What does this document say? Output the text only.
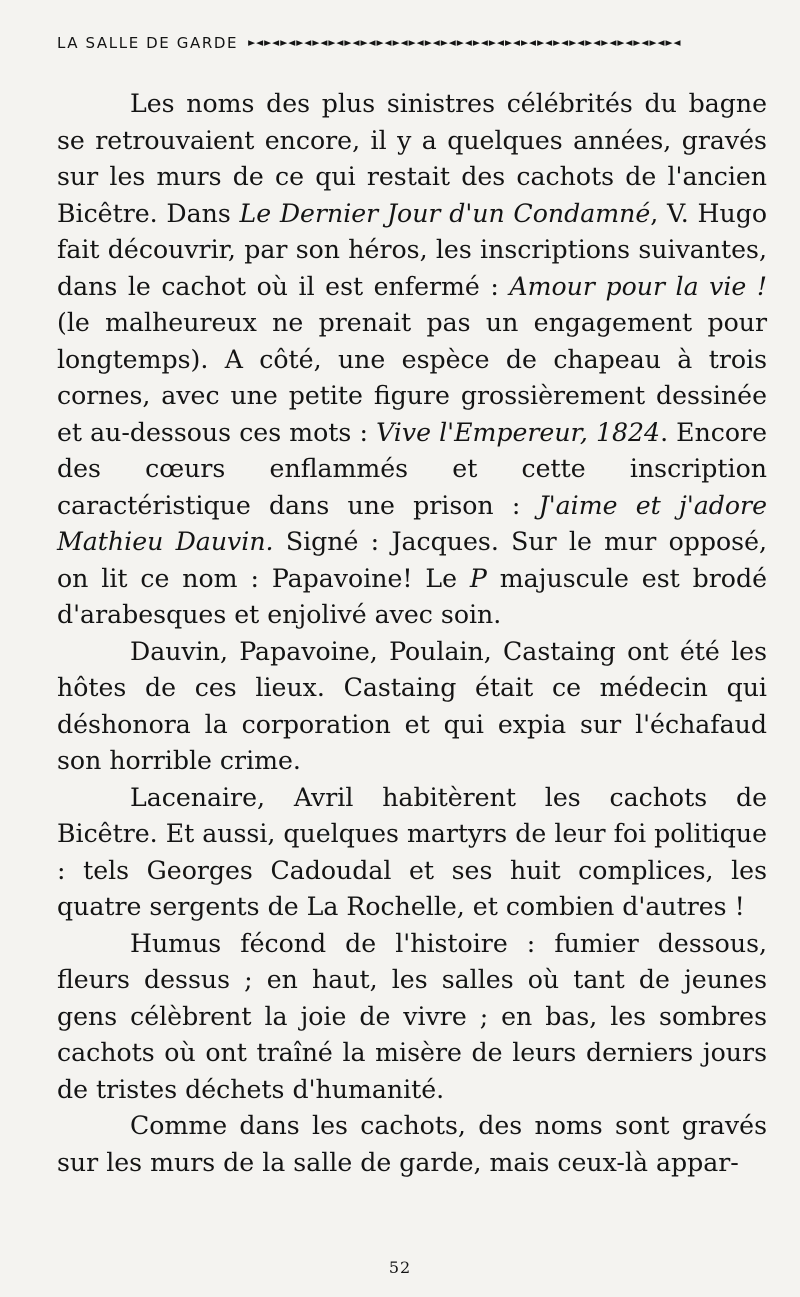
LA SALLE DE GARDE ▸◂▸◂▸◂▸◂▸◂▸◂▸◂▸◂▸◂▸◂▸◂▸◂▸◂▸◂▸◂▸◂▸◂▸◂▸◂▸◂▸◂▸◂▸◂▸◂▸◂▸◂▸◂

Les noms des plus sinistres célébrités du bagne se retrouvaient encore, il y a quelques années, gravés sur les murs de ce qui restait des cachots de l'ancien Bicêtre. Dans Le Dernier Jour d'un Condamné, V. Hugo fait découvrir, par son héros, les inscriptions suivantes, dans le cachot où il est enfermé : Amour pour la vie ! (le malheureux ne prenait pas un engagement pour longtemps). A côté, une espèce de chapeau à trois cornes, avec une petite figure grossièrement dessinée et au-dessous ces mots : Vive l'Empereur, 1824. Encore des cœurs enflammés et cette inscription caractéristique dans une prison : J'aime et j'adore Mathieu Dauvin. Signé : Jacques. Sur le mur opposé, on lit ce nom : Papavoine! Le P majuscule est brodé d'arabesques et enjolivé avec soin.

Dauvin, Papavoine, Poulain, Castaing ont été les hôtes de ces lieux. Castaing était ce médecin qui déshonora la corporation et qui expia sur l'échafaud son horrible crime.

Lacenaire, Avril habitèrent les cachots de Bicêtre. Et aussi, quelques martyrs de leur foi politique : tels Georges Cadoudal et ses huit complices, les quatre sergents de La Rochelle, et combien d'autres !

Humus fécond de l'histoire : fumier dessous, fleurs dessus ; en haut, les salles où tant de jeunes gens célèbrent la joie de vivre ; en bas, les sombres cachots où ont traîné la misère de leurs derniers jours de tristes déchets d'humanité.

Comme dans les cachots, des noms sont gravés sur les murs de la salle de garde, mais ceux-là appar-

52
